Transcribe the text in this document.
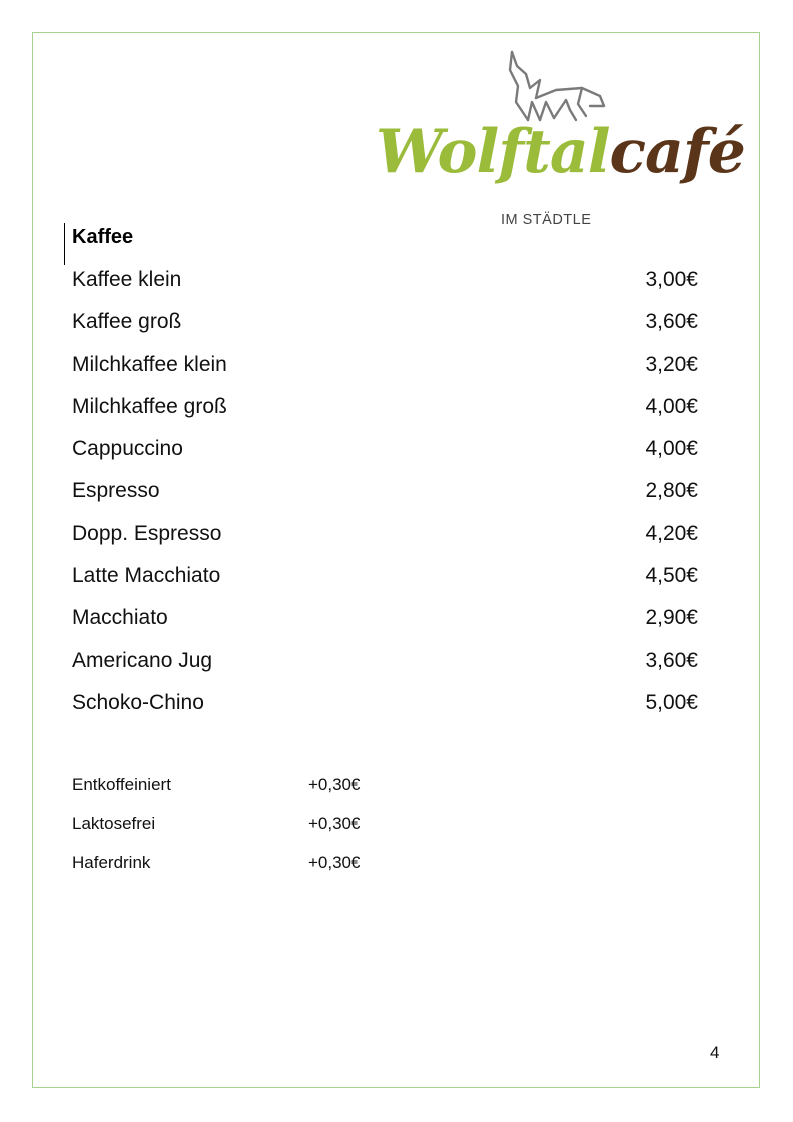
Wolftalcafé
IM STÄDTLE
Kaffee
Kaffee klein	3,00€
Kaffee groß	3,60€
Milchkaffee klein	3,20€
Milchkaffee groß	4,00€
Cappuccino	4,00€
Espresso	2,80€
Dopp. Espresso	4,20€
Latte Macchiato	4,50€
Macchiato	2,90€
Americano Jug	3,60€
Schoko-Chino	5,00€
Entkoffeiniert	+0,30€
Laktosefrei	+0,30€
Haferdrink	+0,30€
4
